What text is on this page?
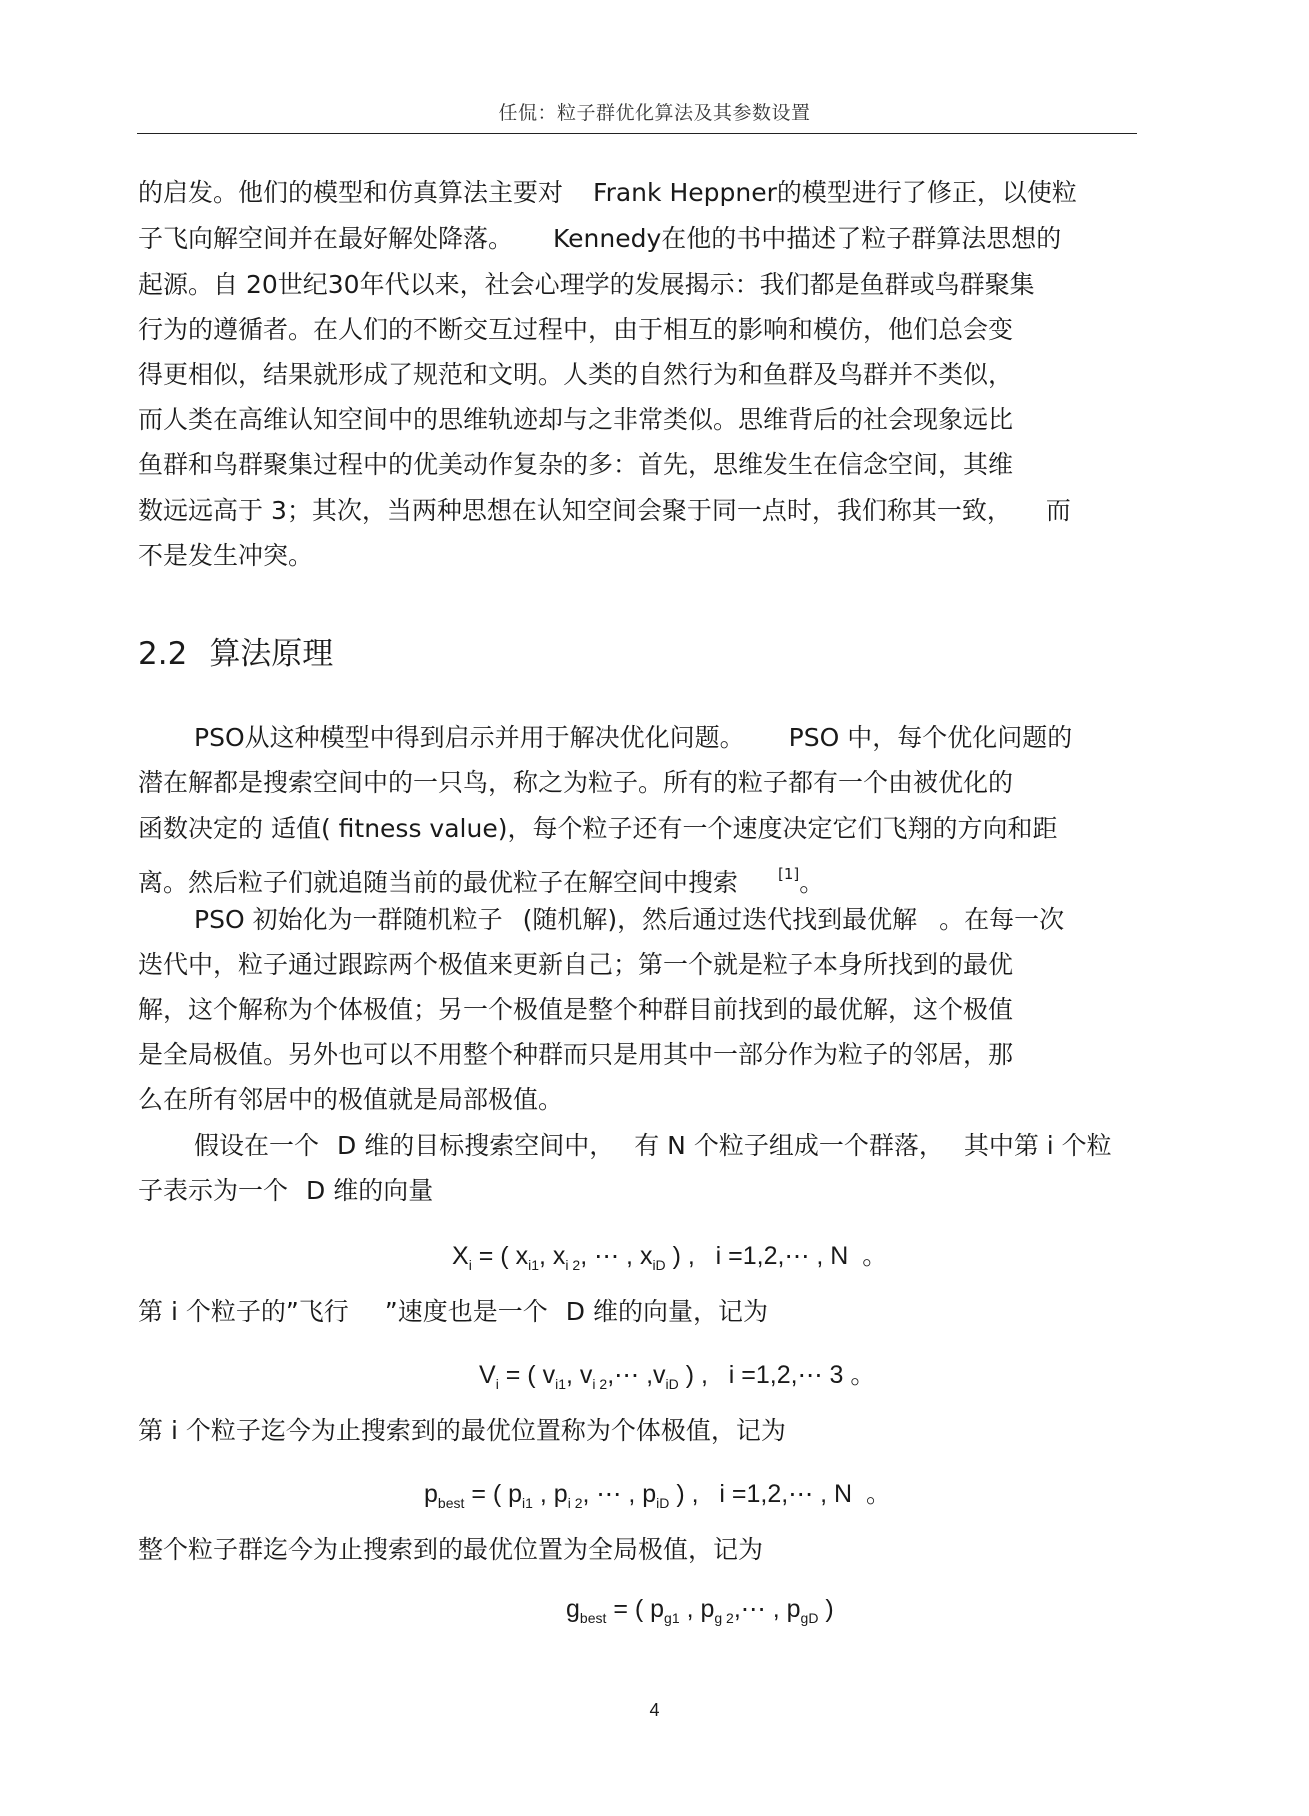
任侃：粒子群优化算法及其参数设置
的启发。他们的模型和仿真算法主要对 Frank Heppner的模型进行了修正，以使粒
子飞向解空间并在最好解处降落。 Kennedy在他的书中描述了粒子群算法思想的
起源。自 20世纪30年代以来，社会心理学的发展揭示：我们都是鱼群或鸟群聚集
行为的遵循者。在人们的不断交互过程中，由于相互的影响和模仿，他们总会变
得更相似，结果就形成了规范和文明。人类的自然行为和鱼群及鸟群并不类似，
而人类在高维认知空间中的思维轨迹却与之非常类似。思维背后的社会现象远比
鱼群和鸟群聚集过程中的优美动作复杂的多：首先，思维发生在信念空间，其维
数远远高于 3；其次，当两种思想在认知空间会聚于同一点时，我们称其一致， 而
不是发生冲突。
2.2 算法原理
PSO从这种模型中得到启示并用于解决优化问题。 PSO 中，每个优化问题的
潜在解都是搜索空间中的一只鸟，称之为粒子。所有的粒子都有一个由被优化的
函数决定的 适值( fitness value)，每个粒子还有一个速度决定它们飞翔的方向和距
离。然后粒子们就追随当前的最优粒子在解空间中搜索	[1]。
PSO 初始化为一群随机粒子 (随机解)，然后通过迭代找到最优解 。在每一次
迭代中，粒子通过跟踪两个极值来更新自己；第一个就是粒子本身所找到的最优
解，这个解称为个体极值；另一个极值是整个种群目前找到的最优解，这个极值
是全局极值。另外也可以不用整个种群而只是用其中一部分作为粒子的邻居，那
么在所有邻居中的极值就是局部极值。
假设在一个 D 维的目标搜索空间中， 有 N 个粒子组成一个群落， 其中第 i 个粒
子表示为一个 D 维的向量
$X_i$ = ( $x_{i1}$, $x_{i 2}$, ⋯ , $x_{iD}$ ) ,   i =1,2,⋯ , N 。
第 i 个粒子的”飞行 ”速度也是一个 D 维的向量，记为
$V_i$ = ( $v_{i1}$, $v_{i 2},\cdots$ $,v_{iD}$ ) ,   i =1,2,⋯ 3 。
第 i 个粒子迄今为止搜索到的最优位置称为个体极值，记为
$p_{best}$ = ( $p_{i1}$ , $p_{i 2}$, ⋯ , $p_{iD}$ ) ,   i =1,2,⋯ , N 。
整个粒子群迄今为止搜索到的最优位置为全局极值，记为
$g_{best}$ = ( $p_{g1}$ , $p_{g 2},\cdots$ , $p_{gD}$ )
4
